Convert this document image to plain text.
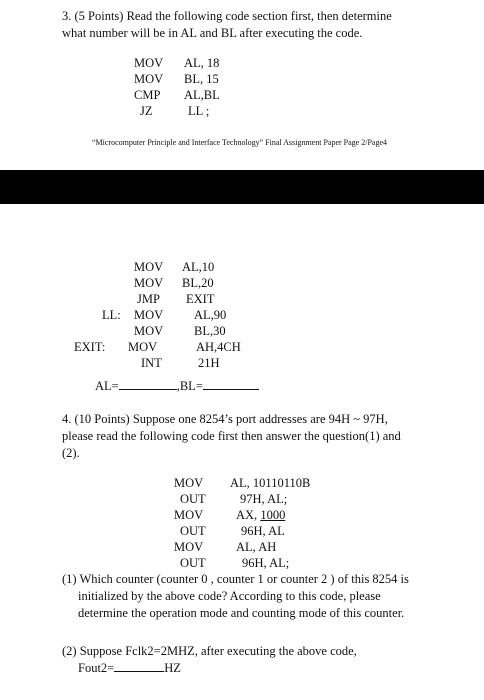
3. (5 Points) Read the following code section first, then determine
what number will be in AL and BL after executing the code.
MOV AL, 18
MOV BL, 15
CMP AL,BL
JZ	LL ;
“Microcomputer Principle and Interface Technology” Final Assignment Paper Page 2/Page4
MOV AL,10
MOV BL,20
JMP EXIT
LL: MOV AL,90
MOV BL,30
EXIT: MOV	AH,4CH
INT	21H
AL=	,BL=
4. (10 Points) Suppose one 8254’s port addresses are 94H ~ 97H,
please read the following code first then answer the question(1) and
(2).
MOV AL, 10110110B
OUT	97H, AL;
MOV	AX, 1000
OUT	96H, AL
MOV	AL, AH
OUT	96H, AL;
(1) Which counter (counter 0 , counter 1 or counter 2 ) of this 8254 is
initialized by the above code? According to this code, please
determine the operation mode and counting mode of this counter.
(2) Suppose Fclk2=2MHZ, after executing the above code,
Fout2=	HZ
